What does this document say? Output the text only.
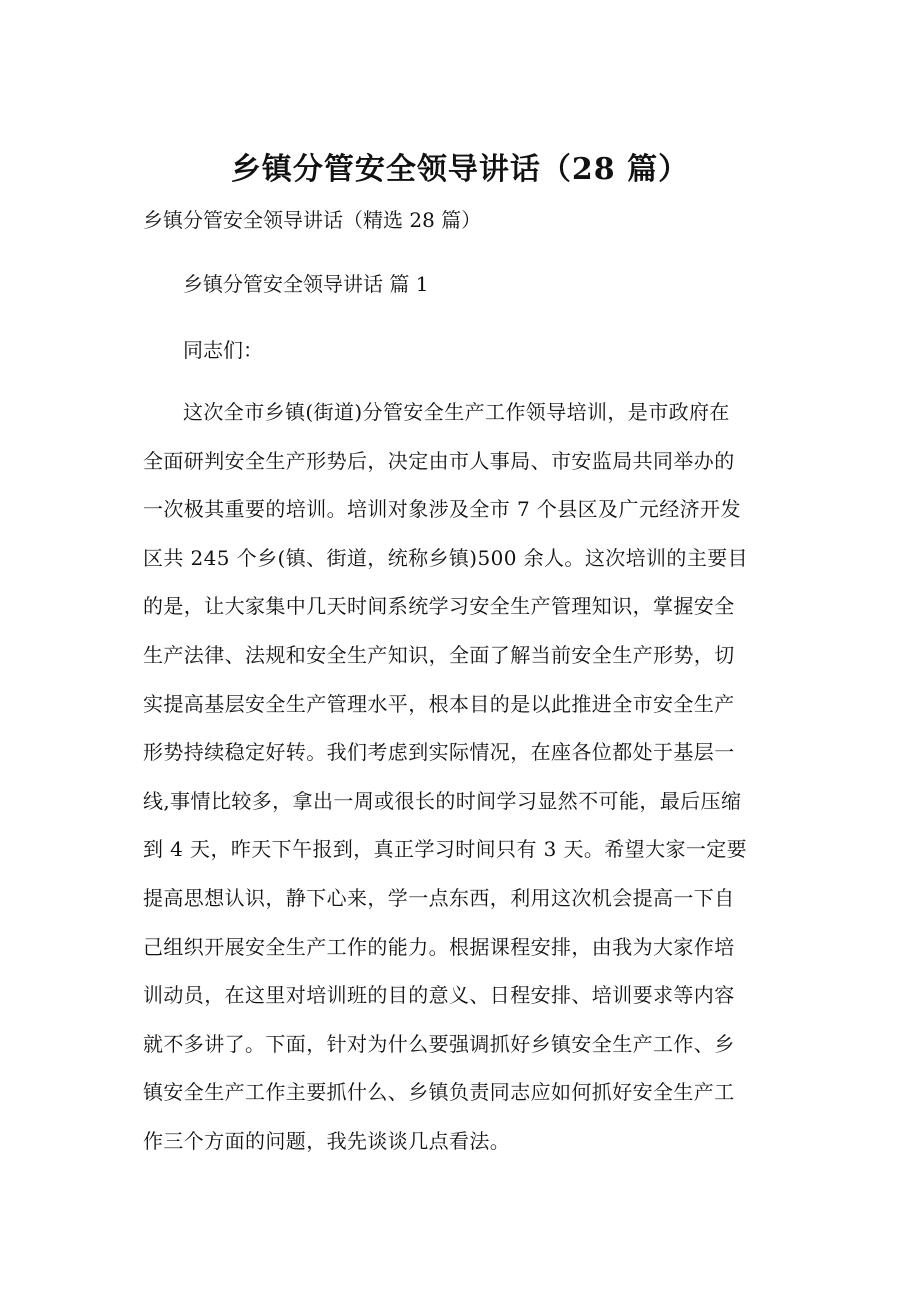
乡镇分管安全领导讲话（28 篇）

乡镇分管安全领导讲话（精选 28 篇）

乡镇分管安全领导讲话 篇 1

同志们：

这次全市乡镇(街道)分管安全生产工作领导培训，是市政府在
全面研判安全生产形势后，决定由市人事局、市安监局共同举办的
一次极其重要的培训。培训对象涉及全市 7 个县区及广元经济开发
区共 245 个乡(镇、街道，统称乡镇)500 余人。这次培训的主要目
的是，让大家集中几天时间系统学习安全生产管理知识，掌握安全
生产法律、法规和安全生产知识，全面了解当前安全生产形势，切
实提高基层安全生产管理水平，根本目的是以此推进全市安全生产
形势持续稳定好转。我们考虑到实际情况，在座各位都处于基层一
线,事情比较多，拿出一周或很长的时间学习显然不可能，最后压缩
到 4 天，昨天下午报到，真正学习时间只有 3 天。希望大家一定要
提高思想认识，静下心来，学一点东西，利用这次机会提高一下自
己组织开展安全生产工作的能力。根据课程安排，由我为大家作培
训动员，在这里对培训班的目的意义、日程安排、培训要求等内容
就不多讲了。下面，针对为什么要强调抓好乡镇安全生产工作、乡
镇安全生产工作主要抓什么、乡镇负责同志应如何抓好安全生产工
作三个方面的问题，我先谈谈几点看法。
